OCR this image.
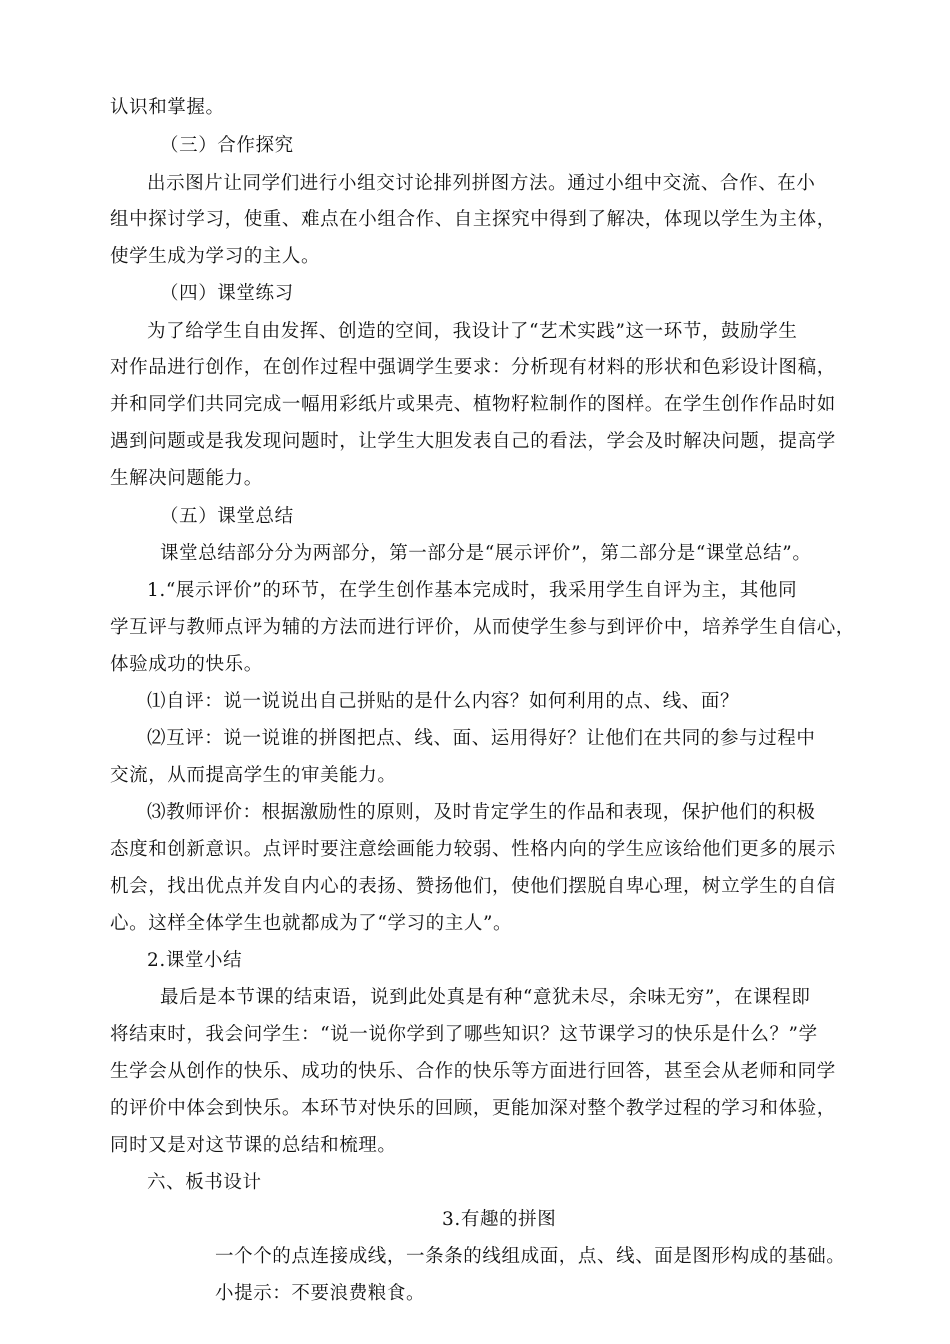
认识和掌握。
（三）合作探究
出示图片让同学们进行小组交讨论排列拼图方法。通过小组中交流、合作、在小
组中探讨学习，使重、难点在小组合作、自主探究中得到了解决，体现以学生为主体，
使学生成为学习的主人。
（四）课堂练习
为了给学生自由发挥、创造的空间，我设计了“艺术实践”这一环节，鼓励学生
对作品进行创作，在创作过程中强调学生要求：分析现有材料的形状和色彩设计图稿，
并和同学们共同完成一幅用彩纸片或果壳、植物籽粒制作的图样。在学生创作作品时如
遇到问题或是我发现问题时，让学生大胆发表自己的看法，学会及时解决问题，提高学
生解决问题能力。
（五）课堂总结
课堂总结部分分为两部分，第一部分是“展示评价”，第二部分是“课堂总结”。
1.“展示评价”的环节，在学生创作基本完成时，我采用学生自评为主，其他同
学互评与教师点评为辅的方法而进行评价，从而使学生参与到评价中，培养学生自信心，
体验成功的快乐。
⑴自评：说一说说出自己拼贴的是什么内容？如何利用的点、线、面？
⑵互评：说一说谁的拼图把点、线、面、运用得好？让他们在共同的参与过程中
交流，从而提高学生的审美能力。
⑶教师评价：根据激励性的原则，及时肯定学生的作品和表现，保护他们的积极
态度和创新意识。点评时要注意绘画能力较弱、性格内向的学生应该给他们更多的展示
机会，找出优点并发自内心的表扬、赞扬他们，使他们摆脱自卑心理，树立学生的自信
心。这样全体学生也就都成为了“学习的主人”。
2.课堂小结
最后是本节课的结束语，说到此处真是有种“意犹未尽，余味无穷”，在课程即
将结束时，我会问学生：“说一说你学到了哪些知识？这节课学习的快乐是什么？”学
生学会从创作的快乐、成功的快乐、合作的快乐等方面进行回答，甚至会从老师和同学
的评价中体会到快乐。本环节对快乐的回顾，更能加深对整个教学过程的学习和体验，
同时又是对这节课的总结和梳理。
六、板书设计
3.有趣的拼图
一个个的点连接成线，一条条的线组成面，点、线、面是图形构成的基础。
小提示：不要浪费粮食。
